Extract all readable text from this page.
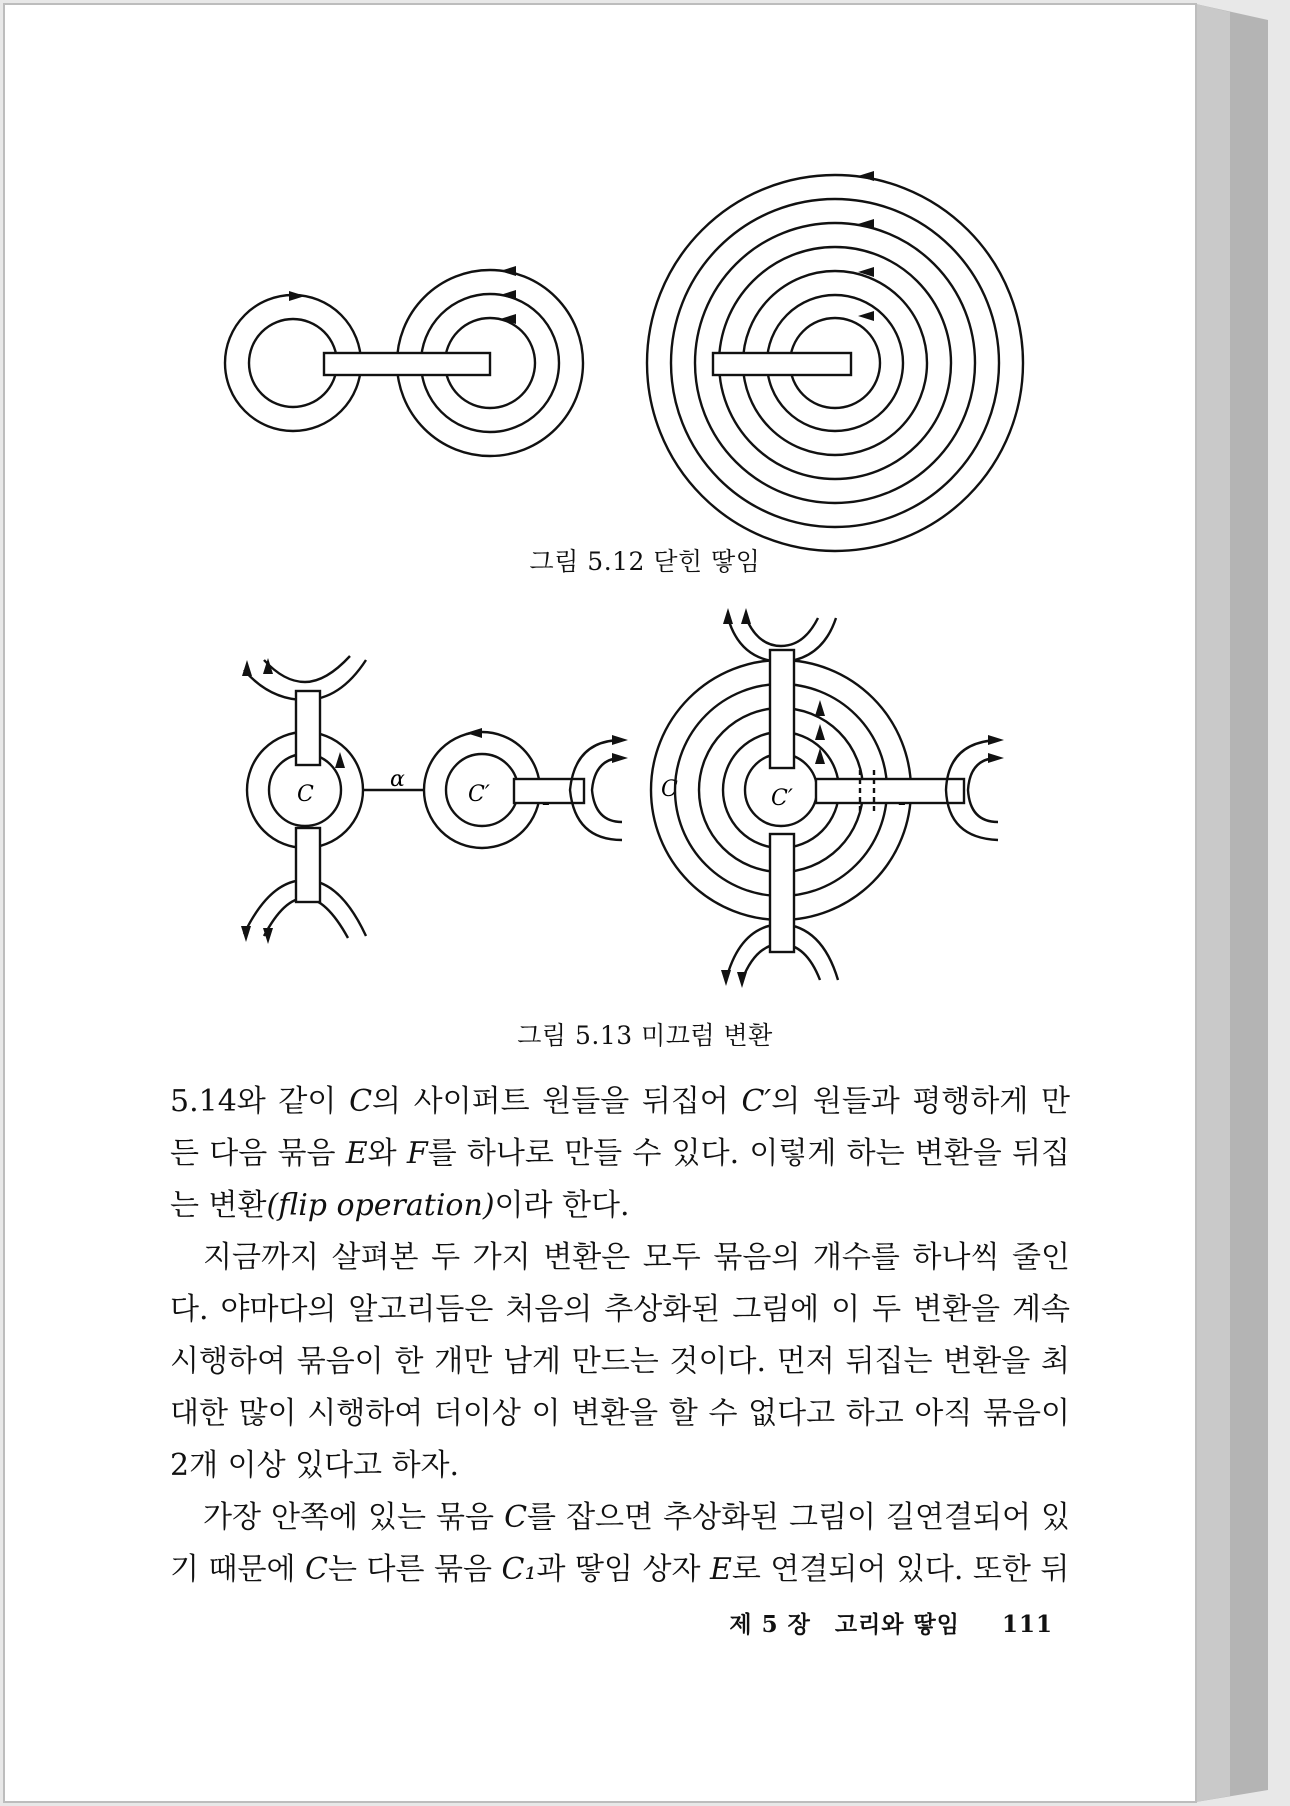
그림 5.12 닫힌 땋임
C
α
C′	C	C′
그림 5.13 미끄럼 변환

5.14와 같이 C의 사이퍼트 원들을 뒤집어 C′의 원들과 평행하게 만든 다음 묶음 E와 F를 하나로 만들 수 있다. 이렇게 하는 변환을 뒤집는 변환(flip operation)이라 한다.

지금까지 살펴본 두 가지 변환은 모두 묶음의 개수를 하나씩 줄인다. 야마다의 알고리듬은 처음의 추상화된 그림에 이 두 변환을 계속 시행하여 묶음이 한 개만 남게 만드는 것이다. 먼저 뒤집는 변환을 최대한 많이 시행하여 더이상 이 변환을 할 수 없다고 하고 아직 묶음이 2개 이상 있다고 하자.

가장 안쪽에 있는 묶음 C를 잡으면 추상화된 그림이 길연결되어 있기 때문에 C는 다른 묶음 C₁과 땋임 상자 E로 연결되어 있다. 또한 뒤

제 5 장 고리와 땋임 111
